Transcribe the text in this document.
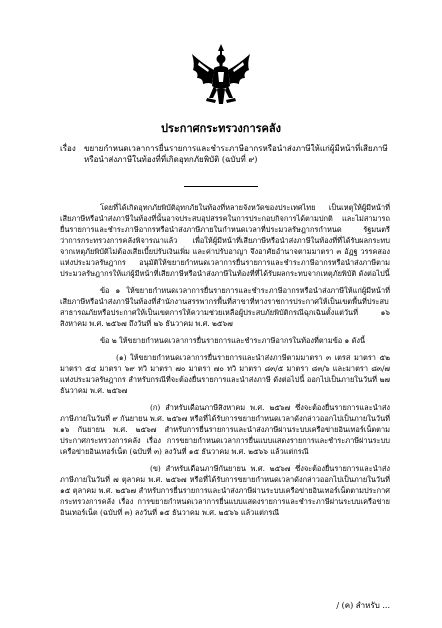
ประกาศกระทรวงการคลัง
เรื่อง	ขยายกำหนดเวลาการยื่นรายการและชำระภาษีอากรหรือนำส่งภาษีให้แก่ผู้มีหน้าที่เสียภาษีหรือนำส่งภาษีในท้องที่ที่เกิดอุทกภัยพิบัติ (ฉบับที่ ๙)

โดยที่ได้เกิดอุทกภัยพิบัติอุทกภัยในท้องที่หลายจังหวัดของประเทศไทย เป็นเหตุให้ผู้มีหน้าที่เสียภาษีหรือนำส่งภาษีในท้องที่นั้นอาจประสบอุปสรรคในการประกอบกิจการได้ตามปกติ และไม่สามารถยื่นรายการและชำระภาษีอากรหรือนำส่งภาษีภายในกำหนดเวลาที่ประมวลรัษฎากรกำหนด รัฐมนตรีว่าการกระทรวงการคลังพิจารณาแล้ว เพื่อให้ผู้มีหน้าที่เสียภาษีหรือนำส่งภาษีในท้องที่ที่ได้รับผลกระทบจากเหตุภัยพิบัติไม่ต้องเสียเบี้ยปรับเงินเพิ่ม และค่าปรับอาญา จึงอาศัยอำนาจตามมาตรา ๓ อัฏฐ วรรคสอง แห่งประมวลรัษฎากร อนุมัติให้ขยายกำหนดเวลาการยื่นรายการและชำระภาษีอากรหรือนำส่งภาษีตามประมวลรัษฎากรให้แก่ผู้มีหน้าที่เสียภาษีหรือนำส่งภาษีในท้องที่ที่ได้รับผลกระทบจากเหตุภัยพิบัติ ดังต่อไปนี้

ข้อ ๑ ให้ขยายกำหนดเวลาการยื่นรายการและชำระภาษีอากรหรือนำส่งภาษีให้แก่ผู้มีหน้าที่เสียภาษีหรือนำส่งภาษีในท้องที่สำนักงานสรรพากรพื้นที่สาขาที่ทางราชการประกาศให้เป็นเขตพื้นที่ประสบสาธารณภัยหรือประกาศให้เป็นเขตการให้ความช่วยเหลือผู้ประสบภัยพิบัติกรณีฉุกเฉินตั้งแต่วันที่ ๑๖ สิงหาคม พ.ศ. ๒๕๖๗ ถึงวันที่ ๒๖ ธันวาคม พ.ศ. ๒๕๖๗

ข้อ ๒ ให้ขยายกำหนดเวลาการยื่นรายการและชำระภาษีอากรในท้องที่ตามข้อ ๑ ดังนี้

(๑) ให้ขยายกำหนดเวลาการยื่นรายการและนำส่งภาษีตามมาตรา ๓ เตรส มาตรา ๕๒ มาตรา ๕๔ มาตรา ๖๙ ทวิ มาตรา ๗๐ มาตรา ๗๐ ทวิ มาตรา ๘๓/๕ มาตรา ๘๓/๖ และมาตรา ๘๓/๗ แห่งประมวลรัษฎากร สำหรับกรณีที่จะต้องยื่นรายการและนำส่งภาษี ดังต่อไปนี้ ออกไปเป็นภายในวันที่ ๒๗ ธันวาคม พ.ศ. ๒๕๖๗

(ก) สำหรับเดือนภาษีสิงหาคม พ.ศ. ๒๕๖๗ ซึ่งจะต้องยื่นรายการและนำส่งภาษีภายในวันที่ ๙ กันยายน พ.ศ. ๒๕๖๗ หรือที่ได้รับการขยายกำหนดเวลาดังกล่าวออกไปเป็นภายในวันที่ ๑๖ กันยายน พ.ศ. ๒๕๖๗ สำหรับการยื่นรายการและนำส่งภาษีผ่านระบบเครือข่ายอินเทอร์เน็ตตามประกาศกระทรวงการคลัง เรื่อง การขยายกำหนดเวลาการยื่นแบบแสดงรายการและชำระภาษีผ่านระบบเครือข่ายอินเทอร์เน็ต (ฉบับที่ ๓) ลงวันที่ ๑๕ ธันวาคม พ.ศ. ๒๕๖๖ แล้วแต่กรณี

(ข) สำหรับเดือนภาษีกันยายน พ.ศ. ๒๕๖๗ ซึ่งจะต้องยื่นรายการและนำส่งภาษีภายในวันที่ ๗ ตุลาคม พ.ศ. ๒๕๖๗ หรือที่ได้รับการขยายกำหนดเวลาดังกล่าวออกไปเป็นภายในวันที่ ๑๕ ตุลาคม พ.ศ. ๒๕๖๗ สำหรับการยื่นรายการและนำส่งภาษีผ่านระบบเครือข่ายอินเทอร์เน็ตตามประกาศกระทรวงการคลัง เรื่อง การขยายกำหนดเวลาการยื่นแบบแสดงรายการและชำระภาษีผ่านระบบเครือข่ายอินเทอร์เน็ต (ฉบับที่ ๓) ลงวันที่ ๑๕ ธันวาคม พ.ศ. ๒๕๖๖ แล้วแต่กรณี

/ (ค) สำหรับ ...
